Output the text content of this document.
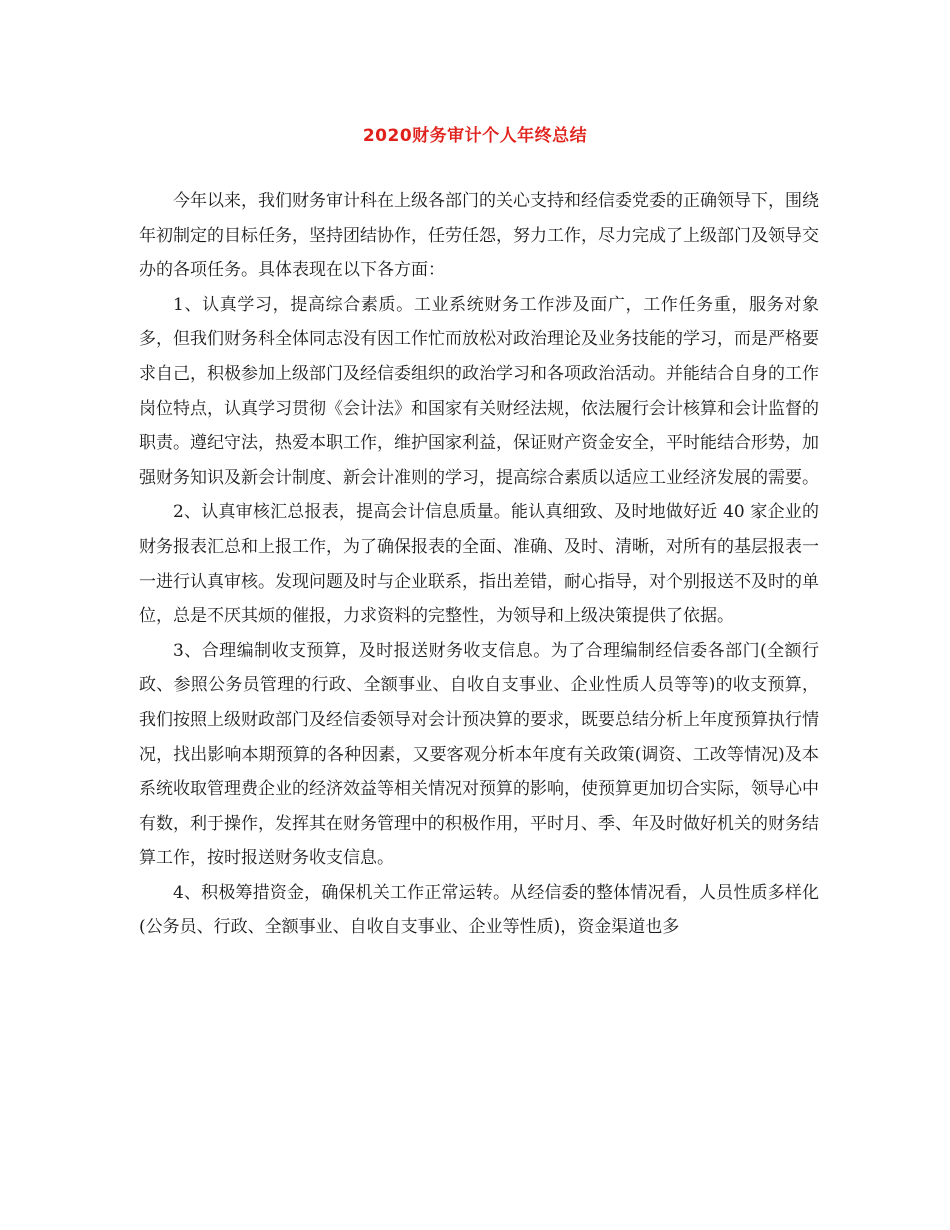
2020财务审计个人年终总结

今年以来，我们财务审计科在上级各部门的关心支持和经信委党委的正确领导下，围绕年初制定的目标任务，坚持团结协作，任劳任怨，努力工作，尽力完成了上级部门及领导交办的各项任务。具体表现在以下各方面：

1、认真学习，提高综合素质。工业系统财务工作涉及面广，工作任务重，服务对象多，但我们财务科全体同志没有因工作忙而放松对政治理论及业务技能的学习，而是严格要求自己，积极参加上级部门及经信委组织的政治学习和各项政治活动。并能结合自身的工作岗位特点，认真学习贯彻《会计法》和国家有关财经法规，依法履行会计核算和会计监督的职责。遵纪守法，热爱本职工作，维护国家利益，保证财产资金安全，平时能结合形势，加强财务知识及新会计制度、新会计准则的学习，提高综合素质以适应工业经济发展的需要。

2、认真审核汇总报表，提高会计信息质量。能认真细致、及时地做好近 40 家企业的财务报表汇总和上报工作，为了确保报表的全面、准确、及时、清晰，对所有的基层报表一一进行认真审核。发现问题及时与企业联系，指出差错，耐心指导，对个别报送不及时的单位，总是不厌其烦的催报，力求资料的完整性，为领导和上级决策提供了依据。

3、合理编制收支预算，及时报送财务收支信息。为了合理编制经信委各部门(全额行政、参照公务员管理的行政、全额事业、自收自支事业、企业性质人员等等)的收支预算，我们按照上级财政部门及经信委领导对会计预决算的要求，既要总结分析上年度预算执行情况，找出影响本期预算的各种因素，又要客观分析本年度有关政策(调资、工改等情况)及本系统收取管理费企业的经济效益等相关情况对预算的影响，使预算更加切合实际，领导心中有数，利于操作，发挥其在财务管理中的积极作用，平时月、季、年及时做好机关的财务结算工作，按时报送财务收支信息。

4、积极筹措资金，确保机关工作正常运转。从经信委的整体情况看，人员性质多样化(公务员、行政、全额事业、自收自支事业、企业等性质)，资金渠道也多
